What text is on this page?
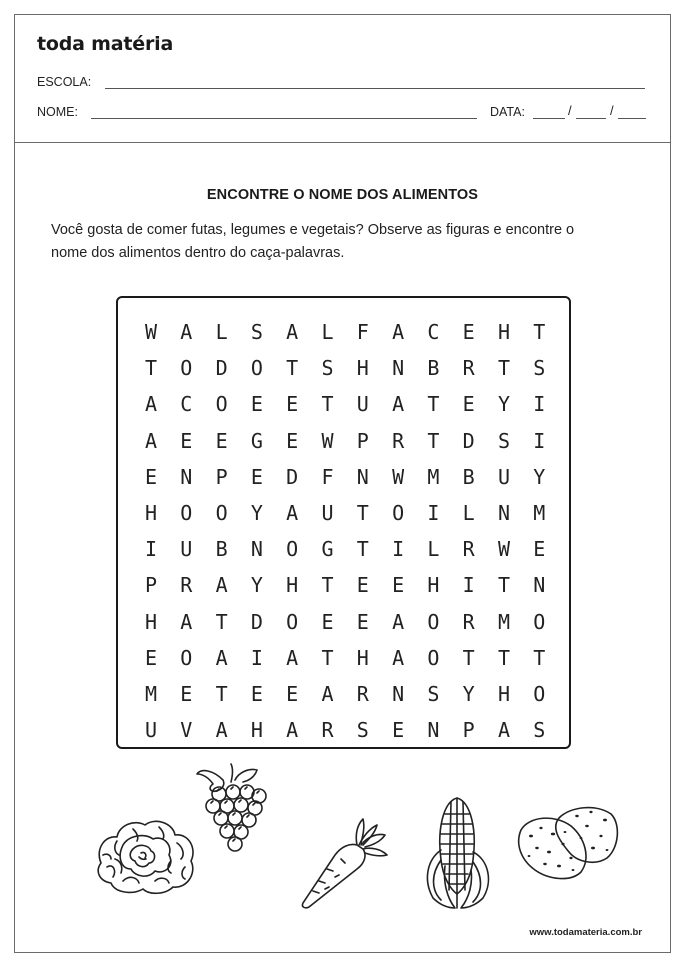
toda matéria
ESCOLA:
NOME:	DATA:	/	/
ENCONTRE O NOME DOS ALIMENTOS
Você gosta de comer futas, legumes e vegetais? Observe as figuras e encontre o nome dos alimentos dentro do caça-palavras.
W	A	L	S	A	L	F	A	C	E	H	T
T	O	D	O	T	S	H	N	B	R	T	S
A	C	O	E	E	T	U	A	T	E	Y	I
A	E	E	G	E	W	P	R	T	D	S	I
E	N	P	E	D	F	N	W	M	B	U	Y
H	O	O	Y	A	U	T	O	I	L	N	M
I	U	B	N	O	G	T	I	L	R	W	E
P	R	A	Y	H	T	E	E	H	I	T	N
H	A	T	D	O	E	E	A	O	R	M	O
E	O	A	I	A	T	H	A	O	T	T	T
M	E	T	E	E	A	R	N	S	Y	H	O
U	V	A	H	A	R	S	E	N	P	A	S
www.todamateria.com.br
